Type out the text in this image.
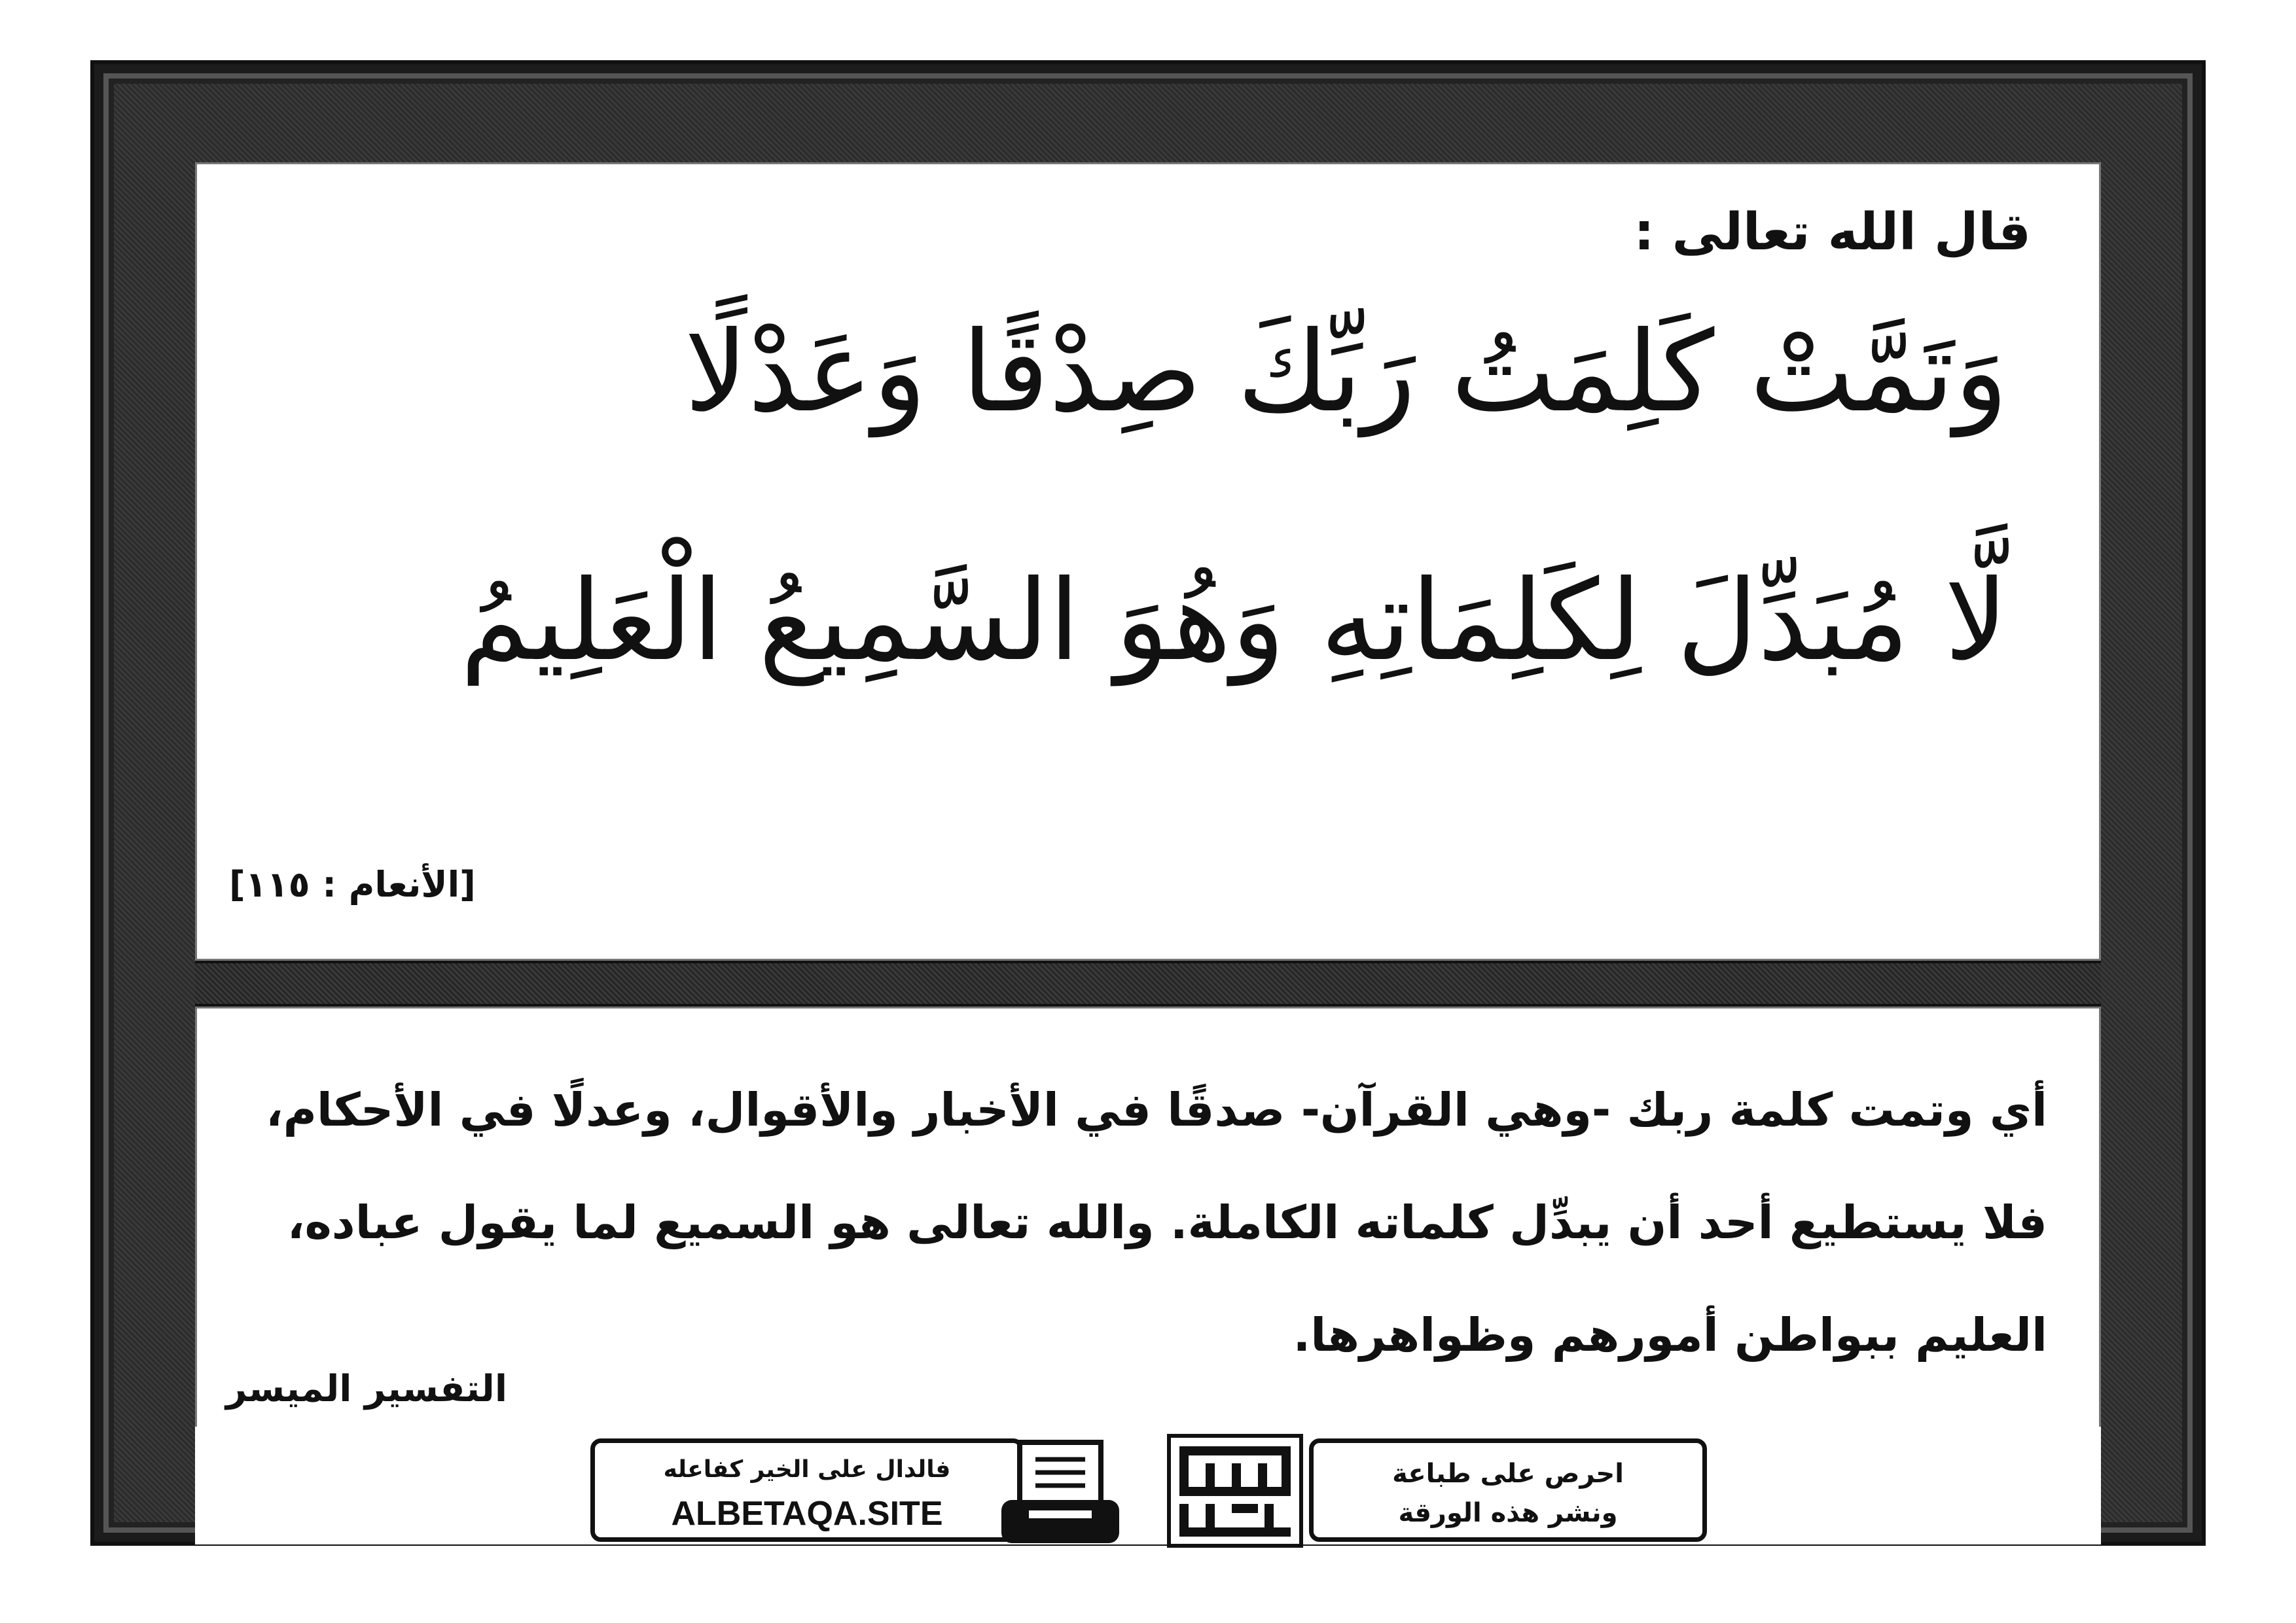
قال الله تعالى :
وَتَمَّتْ كَلِمَتُ رَبِّكَ صِدْقًا وَعَدْلًا
لَّا مُبَدِّلَ لِكَلِمَاتِهِ وَهُوَ السَّمِيعُ الْعَلِيمُ
[الأنعام : ١١٥]
أي وتمت كلمة ربك -وهي القرآن- صدقًا في الأخبار والأقوال، وعدلًا في الأحكام،
فلا يستطيع أحد أن يبدِّل كلماته الكاملة. والله تعالى هو السميع لما يقول عباده،
العليم ببواطن أمورهم وظواهرها.
التفسير الميسر
فالدال على الخير كفاعله
ALBETAQA.SITE
احرص على طباعة
ونشر هذه الورقة
